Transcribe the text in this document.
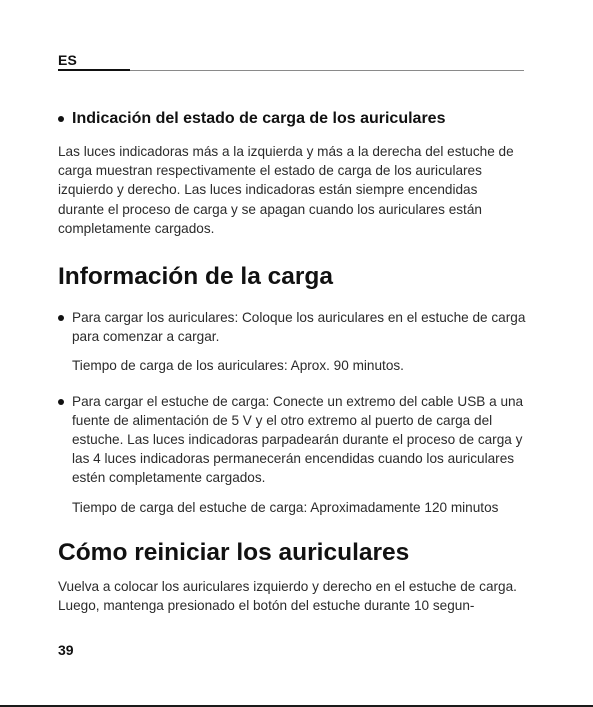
ES
Indicación del estado de carga de los auriculares
Las luces indicadoras más a la izquierda y más a la derecha del estuche de carga muestran respectivamente el estado de carga de los auriculares izquierdo y derecho. Las luces indicadoras están siempre encendidas durante el proceso de carga y se apagan cuando los auriculares están completamente cargados.
Información de la carga
Para cargar los auriculares: Coloque los auriculares en el estuche de carga para comenzar a cargar.
Tiempo de carga de los auriculares: Aprox. 90 minutos.
Para cargar el estuche de carga: Conecte un extremo del cable USB a una fuente de alimentación de 5 V y el otro extremo al puerto de carga del estuche. Las luces indicadoras parpadearán durante el proceso de carga y las 4 luces indicadoras permanecerán encendidas cuando los auriculares estén completamente cargados.
Tiempo de carga del estuche de carga: Aproximadamente 120 minutos
Cómo reiniciar los auriculares
Vuelva a colocar los auriculares izquierdo y derecho en el estuche de carga. Luego, mantenga presionado el botón del estuche durante 10 segun-
39
